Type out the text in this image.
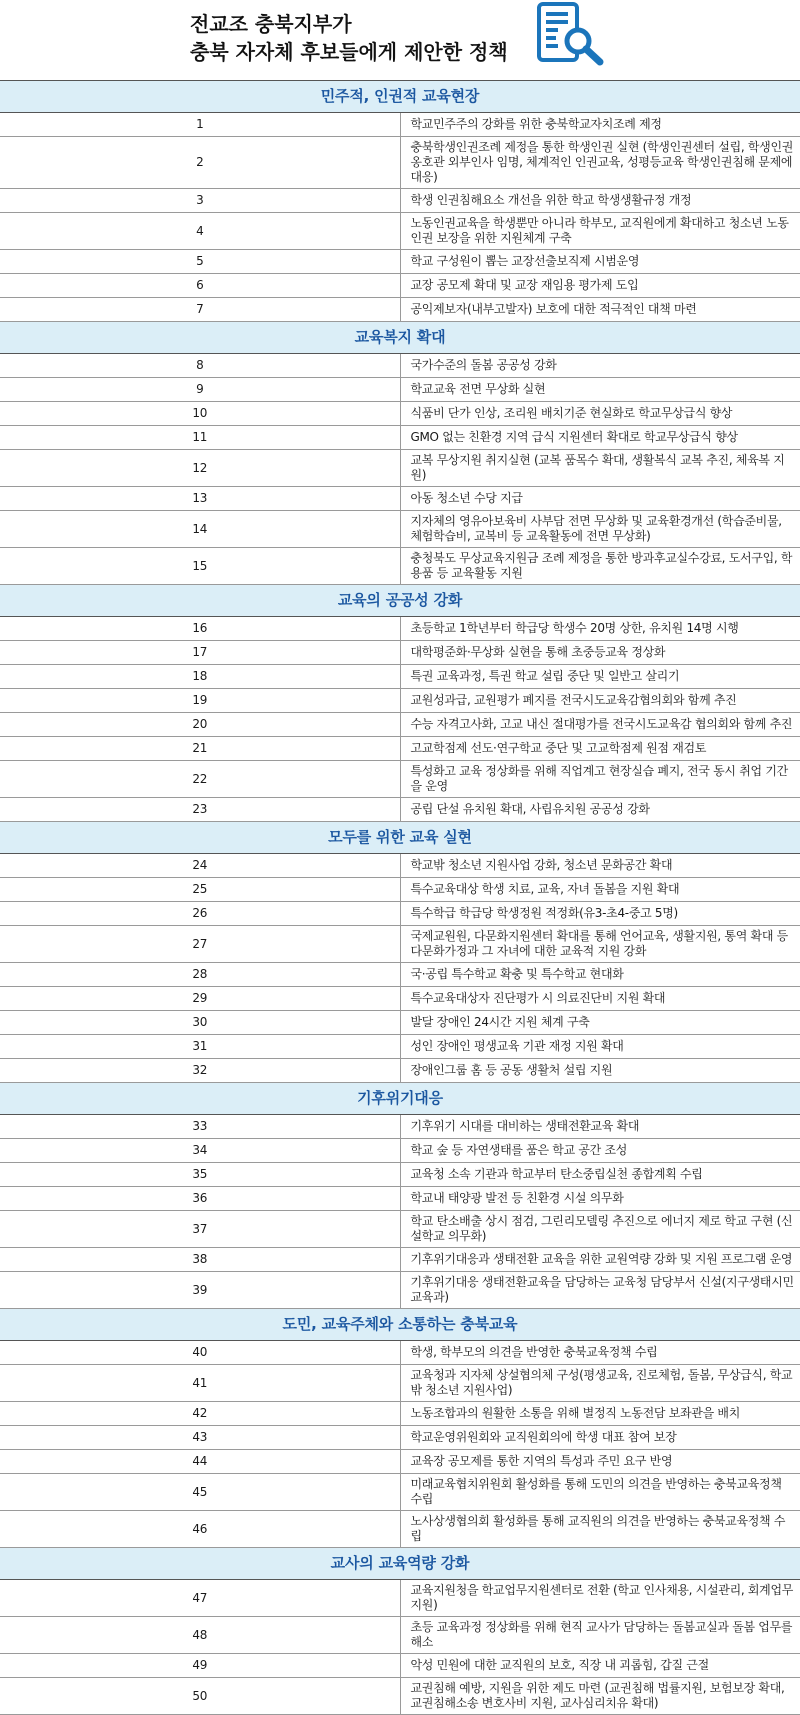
전교조 충북지부가
충북 자자체 후보들에게 제안한 정책
민주적, 인권적 교육현장	
1	학교민주주의 강화를 위한 충북학교자치조례 제정
2	충북학생인권조례 제정을 통한 학생인권 실현 (학생인권센터 설립, 학생인권옹호관 외부인사 임명, 체계적인 인권교육, 성평등교육 학생인권침해 문제에 대응)
3	학생 인권침해요소 개선을 위한 학교 학생생활규정 개정
4	노동인권교육을 학생뿐만 아니라 학부모, 교직원에게 확대하고 청소년 노동인권 보장을 위한 지원체계 구축
5	학교 구성원이 뽑는 교장선출보직제 시범운영
6	교장 공모제 확대 및 교장 재임용 평가제 도입
7	공익제보자(내부고발자) 보호에 대한 적극적인 대책 마련
교육복지 확대	
8	국가수준의 돌봄 공공성 강화
9	학교교육 전면 무상화 실현
10	식품비 단가 인상, 조리원 배치기준 현실화로 학교무상급식 향상
11	GMO 없는 친환경 지역 급식 지원센터 확대로 학교무상급식 향상
12	교복 무상지원 취지실현 (교복 품목수 확대, 생활복식 교복 추진, 체육복 지원)
13	아동 청소년 수당 지급
14	지자체의 영유아보육비 사부담 전면 무상화 및 교육환경개선 (학습준비물, 체험학습비, 교복비 등 교육활동에 전면 무상화)
15	충청북도 무상교육지원금 조례 제정을 통한 방과후교실수강료, 도서구입, 학용품 등 교육활동 지원
교육의 공공성 강화	
16	초등학교 1학년부터 학급당 학생수 20명 상한, 유치원 14명 시행
17	대학평준화·무상화 실현을 통해 초중등교육 정상화
18	특권 교육과정, 특권 학교 설립 중단 및 일반고 살리기
19	교원성과급, 교원평가 폐지를 전국시도교육감협의회와 함께 추진
20	수능 자격고사화, 고교 내신 절대평가를 전국시도교육감 협의회와 함께 추진
21	고교학점제 선도·연구학교 중단 및 고교학점제 원점 재검토
22	특성화고 교육 정상화를 위해 직업계고 현장실습 폐지, 전국 동시 취업 기간을 운영
23	공립 단설 유치원 확대, 사립유치원 공공성 강화
모두를 위한 교육 실현	
24	학교밖 청소년 지원사업 강화, 청소년 문화공간 확대
25	특수교육대상 학생 치료, 교육, 자녀 돌봄을 지원 확대
26	특수학급 학급당 학생정원 적정화(유3-초4-중고 5명)
27	국제교원원, 다문화지원센터 확대를 통해 언어교육, 생활지원, 통역 확대 등 다문화가정과 그 자녀에 대한 교육적 지원 강화
28	국·공립 특수학교 확충 및 특수학교 현대화
29	특수교육대상자 진단평가 시 의료진단비 지원 확대
30	발달 장애인 24시간 지원 체계 구축
31	성인 장애인 평생교육 기관 재정 지원 확대
32	장애인그룹 홈 등 공동 생활처 설립 지원
기후위기대응	
33	기후위기 시대를 대비하는 생태전환교육 확대
34	학교 숲 등 자연생태를 품은 학교 공간 조성
35	교육청 소속 기관과 학교부터 탄소중립실천 종합계획 수립
36	학교내 태양광 발전 등 친환경 시설 의무화
37	학교 탄소배출 상시 점검, 그린리모델링 추진으로 에너지 제로 학교 구현 (신설학교 의무화)
38	기후위기대응과 생태전환 교육을 위한 교원역량 강화 및 지원 프로그램 운영
39	기후위기대응 생태전환교육을 담당하는 교육청 담당부서 신설(지구생태시민교육과)
도민, 교육주체와 소통하는 충북교육	
40	학생, 학부모의 의견을 반영한 충북교육정책 수립
41	교육청과 지자체 상설협의체 구성(평생교육, 진로체험, 돌봄, 무상급식, 학교밖 청소년 지원사업)
42	노동조합과의 원활한 소통을 위해 별정직 노동전담 보좌관을 배치
43	학교운영위원회와 교직원회의에 학생 대표 참여 보장
44	교육장 공모제를 통한 지역의 특성과 주민 요구 반영
45	미래교육협치위원회 활성화를 통해 도민의 의견을 반영하는 충북교육정책 수립
46	노사상생협의회 활성화를 통해 교직원의 의견을 반영하는 충북교육정책 수립
교사의 교육역량 강화	
47	교육지원청을 학교업무지원센터로 전환 (학교 인사채용, 시설관리, 회계업무 지원)
48	초등 교육과정 정상화를 위해 현직 교사가 담당하는 돌봄교실과 돌봄 업무를 해소
49	악성 민원에 대한 교직원의 보호, 직장 내 괴롭힘, 갑질 근절
50	교권침해 예방, 지원을 위한 제도 마련 (교권침해 법률지원, 보험보장 확대, 교권침해소송 변호사비 지원, 교사심리치유 확대)
